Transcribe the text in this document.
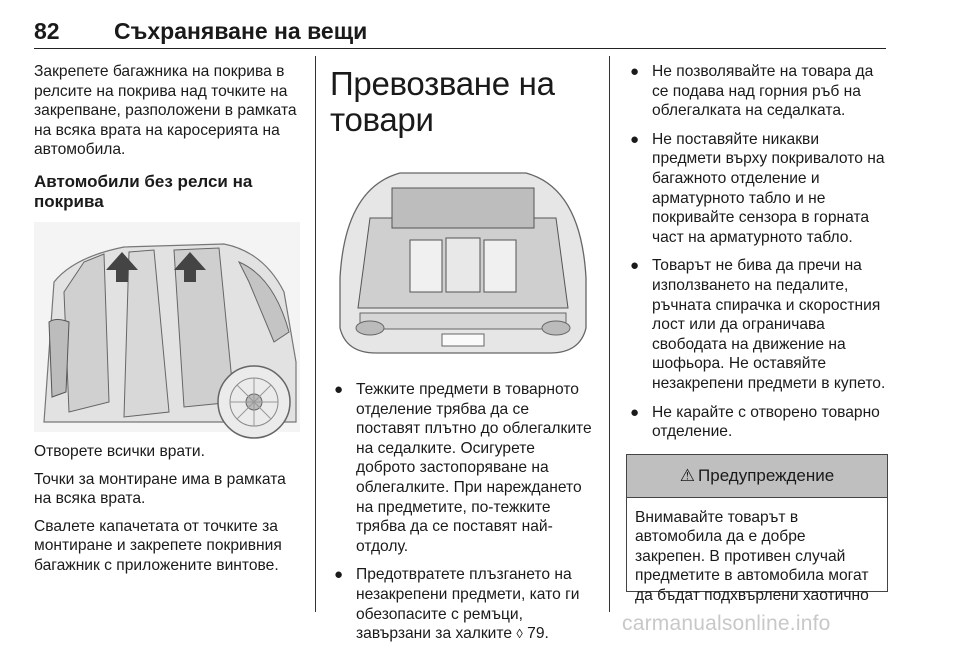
82 Съхраняване на вещи

Закрепете багажника на покрива в релсите на покрива над точките на закрепване, разположени в рамката на всяка врата на каросерията на автомобила.

Автомобили без релси на покрива

Отворете всички врати.

Точки за монтиране има в рамката на всяка врата.

Свалете капачетата от точките за монтиране и закрепете покривния багажник с приложените винтове.

Превозване на товари
● Тежките предмети в товарното отделение трябва да се поставят плътно до облегалките на седалките. Осигурете доброто застопоряване на облегалките. При нареждането на предметите, по-тежките трябва да се поставят най-отдолу.
● Предотвратете плъзгането на незакрепени предмети, като ги обезопасите с ремъци, завързани за халките ◊ 79.
● Не позволявайте на товара да се подава над горния ръб на облегалката на седалката.
● Не поставяйте никакви предмети върху покривалото на багажното отделение и арматурното табло и не покривайте сензора в горната част на арматурното табло.
● Товарът не бива да пречи на използването на педалите, ръчната спирачка и скоростния лост или да ограничава свободата на движение на шофьора. Не оставяйте незакрепени предмети в купето.
● Не карайте с отворено товарно отделение.
⚠ Предупреждение
Внимавайте товарът в автомобила да е добре закрепен. В противен случай предметите в автомобила могат да бъдат подхвърлени хаотично
carmanualsonline.info
